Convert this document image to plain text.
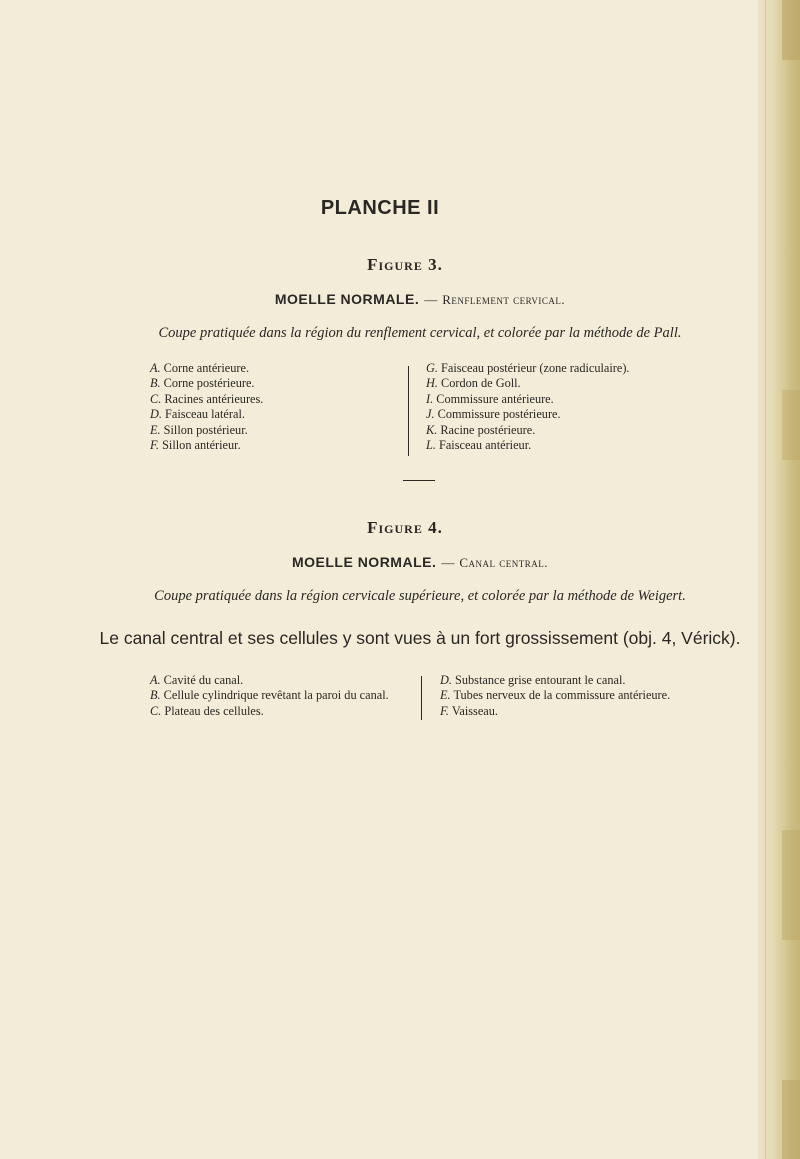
PLANCHE II
Figure 3.

MOELLE NORMALE. — Renflement cervical.

Coupe pratiquée dans la région du renflement cervical, et colorée par la méthode de Pall.

A. Corne antérieure.
B. Corne postérieure.
C. Racines antérieures.
D. Faisceau latéral.
E. Sillon postérieur.
F. Sillon antérieur.
G. Faisceau postérieur (zone radiculaire).
H. Cordon de Goll.
I. Commissure antérieure.
J. Commissure postérieure.
K. Racine postérieure.
L. Faisceau antérieur.
Figure 4.

MOELLE NORMALE. — Canal central.

Coupe pratiquée dans la région cervicale supérieure, et colorée par la méthode de Weigert.

Le canal central et ses cellules y sont vues à un fort grossissement (obj. 4, Vérick).

A. Cavité du canal.
B. Cellule cylindrique revêtant la paroi du canal.
C. Plateau des cellules.
D. Substance grise entourant le canal.
E. Tubes nerveux de la commissure antérieure.
F. Vaisseau.
